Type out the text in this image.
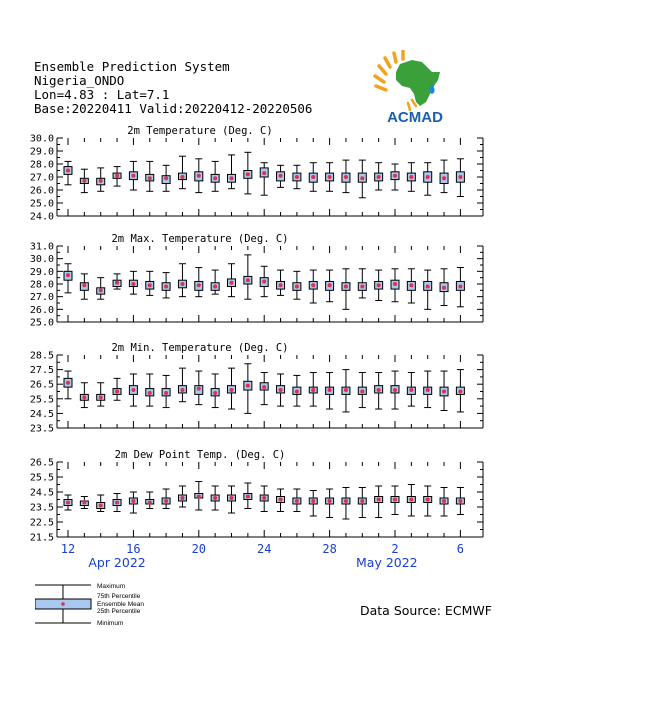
Ensemble Prediction System
Nigeria_ONDO
Lon=4.83 : Lat=7.1
Base:20220411 Valid:20220412-20220506
ACMAD
2m Temperature (Deg. C)
30.0
29.0
28.0
27.0
26.0
25.0
24.0
2m Max. Temperature (Deg. C)
31.0
30.0
29.0
28.0
27.0
26.0
25.0
2m Min. Temperature (Deg. C)
28.5
27.5
26.5
25.5
24.5
23.5
2m Dew Point Temp. (Deg. C)
26.5
25.5
24.5
23.5
22.5
21.5
12	16	20	24	28	2	6
Apr 2022	May 2022
Maximum
75th Percentile
Ensemble Mean
25th Percentile
Minimum
Data Source: ECMWF
